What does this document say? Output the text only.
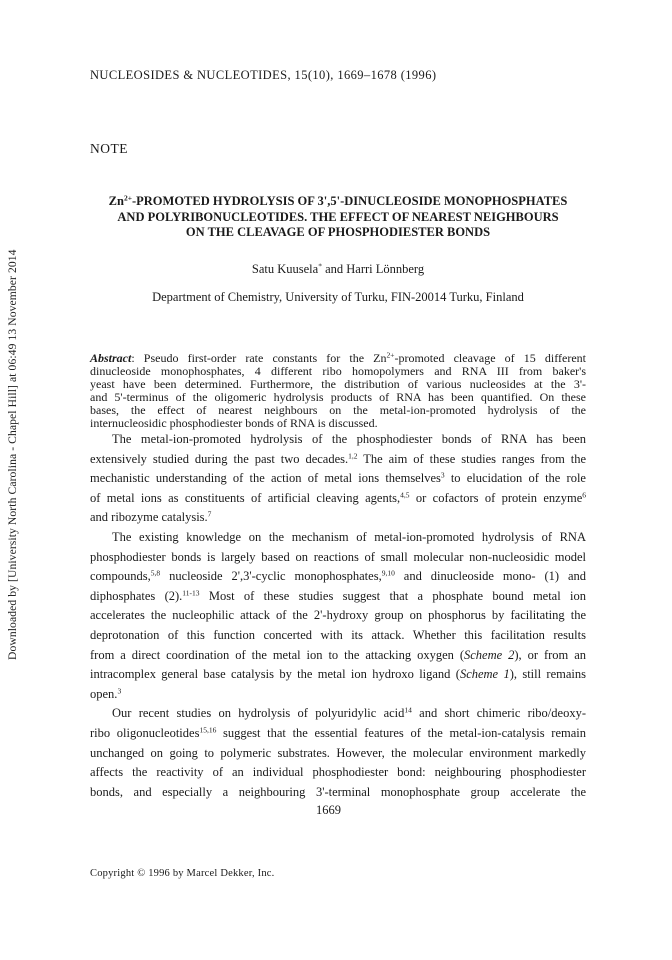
Downloaded by [University North Carolina - Chapel Hill] at 06:49 13 November 2014
NUCLEOSIDES & NUCLEOTIDES, 15(10), 1669–1678 (1996)
NOTE
$Zn^{2+}$-PROMOTED HYDROLYSIS OF 3',5'-DINUCLEOSIDE MONOPHOSPHATES
AND POLYRIBONUCLEOTIDES. THE EFFECT OF NEAREST NEIGHBOURS
ON THE CLEAVAGE OF PHOSPHODIESTER BONDS
Satu Kuusela* and Harri Lönnberg
Department of Chemistry, University of Turku, FIN-20014 Turku, Finland
Abstract: Pseudo first-order rate constants for the $Zn^{2+}$-promoted cleavage of 15 different
dinucleoside monophosphates, 4 different ribo homopolymers and RNA III from baker's
yeast have been determined. Furthermore, the distribution of various nucleosides at the 3'-
and 5'-terminus of the oligomeric hydrolysis products of RNA has been quantified. On these
bases, the effect of nearest neighbours on the metal-ion-promoted hydrolysis of the
internucleosidic phosphodiester bonds of RNA is discussed.
The metal-ion-promoted hydrolysis of the phosphodiester bonds of RNA has been
extensively studied during the past two decades.$^{1,2}$ The aim of these studies ranges from the
mechanistic understanding of the action of metal ions themselves$^3$ to elucidation of the role
of metal ions as constituents of artificial cleaving agents,$^{4,5}$ or cofactors of protein enzyme$^6$
and ribozyme catalysis.$^7$
The existing knowledge on the mechanism of metal-ion-promoted hydrolysis of RNA
phosphodiester bonds is largely based on reactions of small molecular non-nucleosidic model
compounds,$^{5,8}$ nucleoside 2',3'-cyclic monophosphates,$^{9,10}$ and dinucleoside mono- (1) and
diphosphates (2).$^{11-13}$ Most of these studies suggest that a phosphate bound metal ion
accelerates the nucleophilic attack of the 2'-hydroxy group on phosphorus by facilitating the
deprotonation of this function concerted with its attack. Whether this facilitation results
from a direct coordination of the metal ion to the attacking oxygen (Scheme 2), or from an
intracomplex general base catalysis by the metal ion hydroxo ligand (Scheme 1), still remains
open.$^3$
Our recent studies on hydrolysis of polyuridylic acid$^{14}$ and short chimeric ribo/deoxy-
ribo oligonucleotides$^{15,16}$ suggest that the essential features of the metal-ion-catalysis remain
unchanged on going to polymeric substrates. However, the molecular environment markedly
affects the reactivity of an individual phosphodiester bond: neighbouring phosphodiester
bonds, and especially a neighbouring 3'-terminal monophosphate group accelerate the
1669
Copyright © 1996 by Marcel Dekker, Inc.
